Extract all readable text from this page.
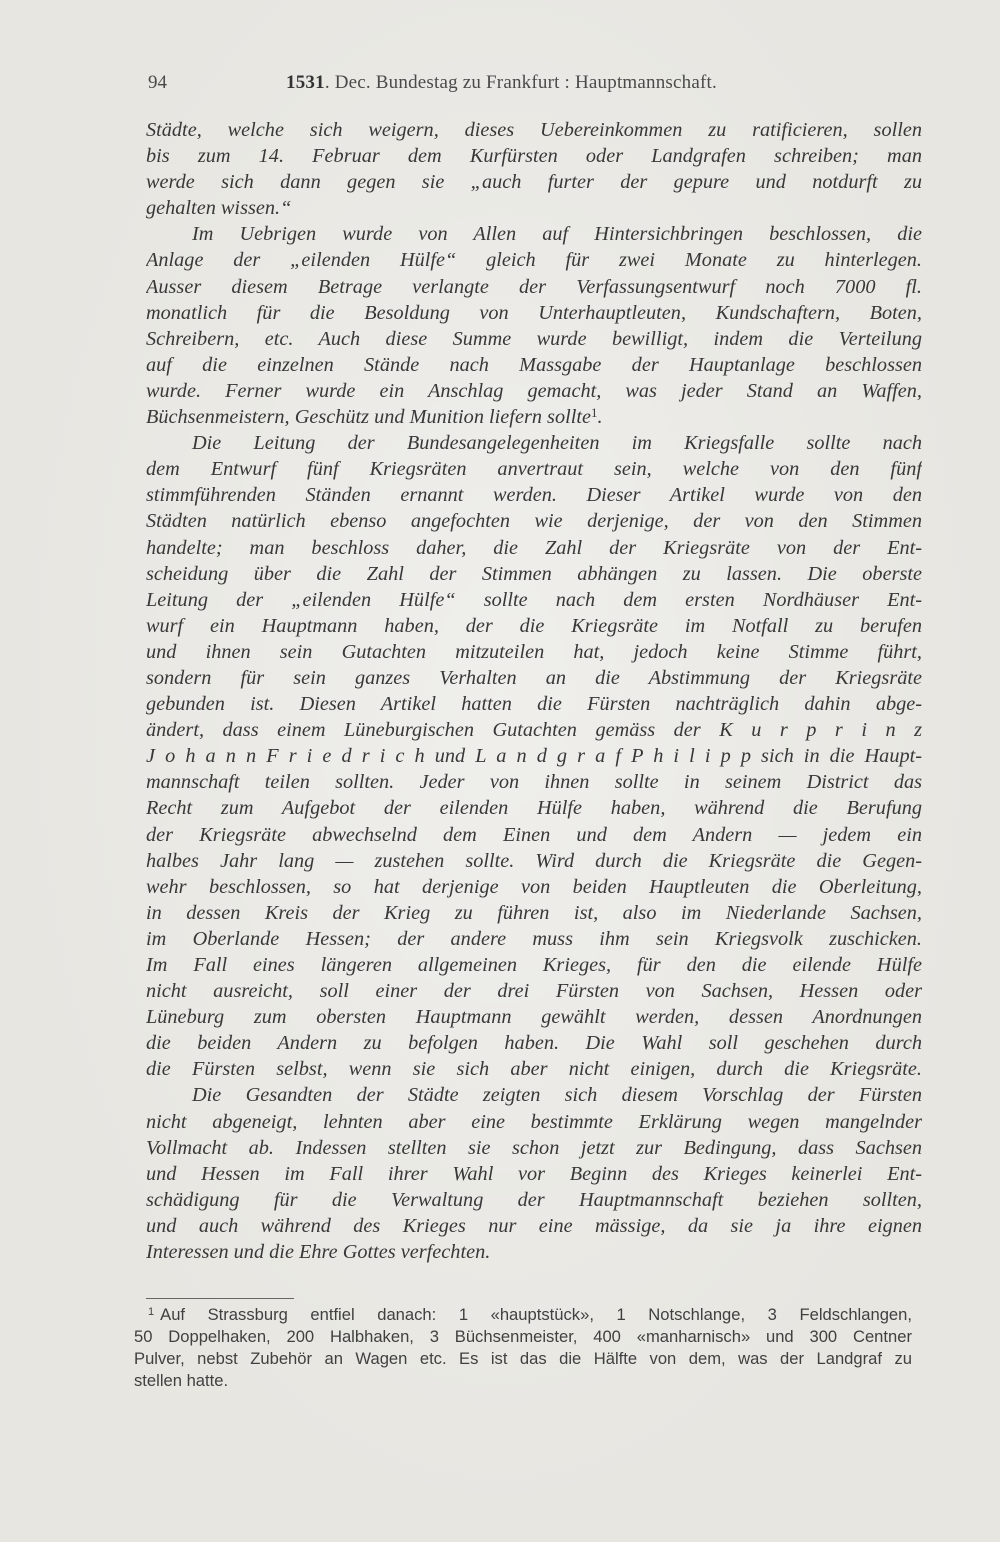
94	1531. Dec. Bundestag zu Frankfurt : Hauptmannschaft.
Städte, welche sich weigern, dieses Uebereinkommen zu ratificieren, sollen
bis zum 14. Februar dem Kurfürsten oder Landgrafen schreiben; man
werde sich dann gegen sie „auch furter der gepure und notdurft zu
gehalten wissen.“
Im Uebrigen wurde von Allen auf Hintersichbringen beschlossen, die
Anlage der „eilenden Hülfe“ gleich für zwei Monate zu hinterlegen.
Ausser diesem Betrage verlangte der Verfassungsentwurf noch 7000 fl.
monatlich für die Besoldung von Unterhauptleuten, Kundschaftern, Boten,
Schreibern, etc. Auch diese Summe wurde bewilligt, indem die Verteilung
auf die einzelnen Stände nach Massgabe der Hauptanlage beschlossen
wurde. Ferner wurde ein Anschlag gemacht, was jeder Stand an Waffen,
Büchsenmeistern, Geschütz und Munition liefern sollte$^1$.
Die Leitung der Bundesangelegenheiten im Kriegsfalle sollte nach
dem Entwurf fünf Kriegsräten anvertraut sein, welche von den fünf
stimmführenden Ständen ernannt werden. Dieser Artikel wurde von den
Städten natürlich ebenso angefochten wie derjenige, der von den Stimmen
handelte; man beschloss daher, die Zahl der Kriegsräte von der Ent-
scheidung über die Zahl der Stimmen abhängen zu lassen. Die oberste
Leitung der „eilenden Hülfe“ sollte nach dem ersten Nordhäuser Ent-
wurf ein Hauptmann haben, der die Kriegsräte im Notfall zu berufen
und ihnen sein Gutachten mitzuteilen hat, jedoch keine Stimme führt,
sondern für sein ganzes Verhalten an die Abstimmung der Kriegsräte
gebunden ist. Diesen Artikel hatten die Fürsten nachträglich dahin abge-
ändert, dass einem Lüneburgischen Gutachten gemäss der K u r p r i n z
J o h a n n F r i e d r i c h und L a n d g r a f P h i l i p p sich in die Haupt-
mannschaft teilen sollten. Jeder von ihnen sollte in seinem District das
Recht zum Aufgebot der eilenden Hülfe haben, während die Berufung
der Kriegsräte abwechselnd dem Einen und dem Andern — jedem ein
halbes Jahr lang — zustehen sollte. Wird durch die Kriegsräte die Gegen-
wehr beschlossen, so hat derjenige von beiden Hauptleuten die Oberleitung,
in dessen Kreis der Krieg zu führen ist, also im Niederlande Sachsen,
im Oberlande Hessen; der andere muss ihm sein Kriegsvolk zuschicken.
Im Fall eines längeren allgemeinen Krieges, für den die eilende Hülfe
nicht ausreicht, soll einer der drei Fürsten von Sachsen, Hessen oder
Lüneburg zum obersten Hauptmann gewählt werden, dessen Anordnungen
die beiden Andern zu befolgen haben. Die Wahl soll geschehen durch
die Fürsten selbst, wenn sie sich aber nicht einigen, durch die Kriegsräte.
Die Gesandten der Städte zeigten sich diesem Vorschlag der Fürsten
nicht abgeneigt, lehnten aber eine bestimmte Erklärung wegen mangelnder
Vollmacht ab. Indessen stellten sie schon jetzt zur Bedingung, dass Sachsen
und Hessen im Fall ihrer Wahl vor Beginn des Krieges keinerlei Ent-
schädigung für die Verwaltung der Hauptmannschaft beziehen sollten,
und auch während des Krieges nur eine mässige, da sie ja ihre eignen
Interessen und die Ehre Gottes verfechten.
$^1$ Auf Strassburg entfiel danach: 1 «hauptstück», 1 Notschlange, 3 Feldschlangen,
50 Doppelhaken, 200 Halbhaken, 3 Büchsenmeister, 400 «manharnisch» und 300 Centner
Pulver, nebst Zubehör an Wagen etc. Es ist das die Hälfte von dem, was der Landgraf zu
stellen hatte.
